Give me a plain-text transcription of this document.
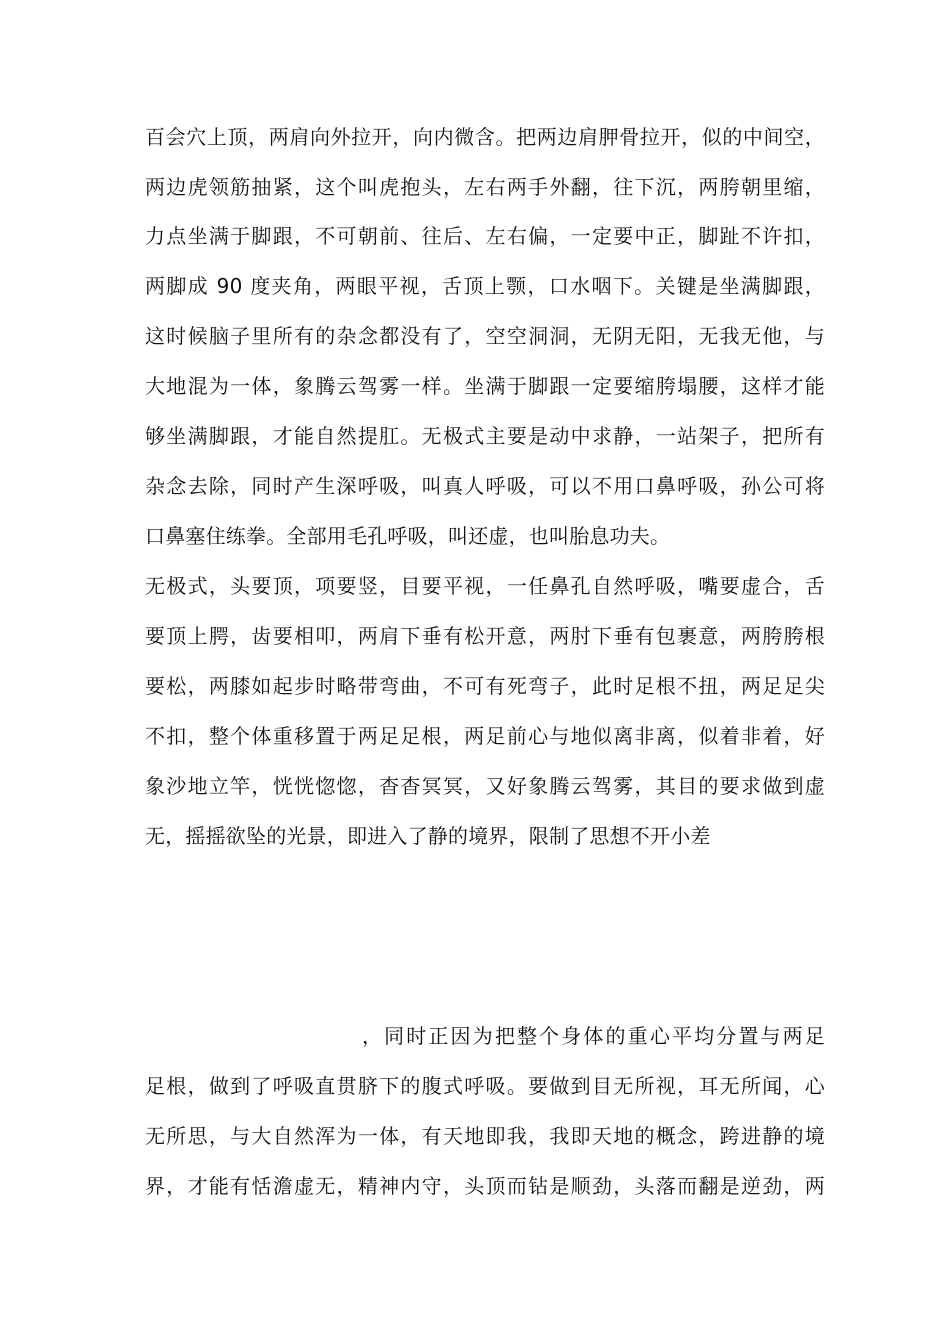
百会穴上顶，两肩向外拉开，向内微含。把两边肩胛骨拉开，似的中间空，
两边虎领筋抽紧，这个叫虎抱头，左右两手外翻，往下沉，两胯朝里缩，
力点坐满于脚跟，不可朝前、往后、左右偏，一定要中正，脚趾不许扣，
两脚成 90 度夹角，两眼平视，舌顶上颚，口水咽下。关键是坐满脚跟，
这时候脑子里所有的杂念都没有了，空空洞洞，无阴无阳，无我无他，与
大地混为一体，象腾云驾雾一样。坐满于脚跟一定要缩胯塌腰，这样才能
够坐满脚跟，才能自然提肛。无极式主要是动中求静，一站架子，把所有
杂念去除，同时产生深呼吸，叫真人呼吸，可以不用口鼻呼吸，孙公可将
口鼻塞住练拳。全部用毛孔呼吸，叫还虚，也叫胎息功夫。
无极式，头要顶，项要竖，目要平视，一任鼻孔自然呼吸，嘴要虚合，舌
要顶上腭，齿要相叩，两肩下垂有松开意，两肘下垂有包裹意，两胯胯根
要松，两膝如起步时略带弯曲，不可有死弯子，此时足根不扭，两足足尖
不扣，整个体重移置于两足足根，两足前心与地似离非离，似着非着，好
象沙地立竿，恍恍惚惚，杳杳冥冥，又好象腾云驾雾，其目的要求做到虚
无，摇摇欲坠的光景，即进入了静的境界，限制了思想不开小差
，同时正因为把整个身体的重心平均分置与两足
足根，做到了呼吸直贯脐下的腹式呼吸。要做到目无所视，耳无所闻，心
无所思，与大自然浑为一体，有天地即我，我即天地的概念，跨进静的境
界，才能有恬澹虚无，精神内守，头顶而钻是顺劲，头落而翻是逆劲，两
